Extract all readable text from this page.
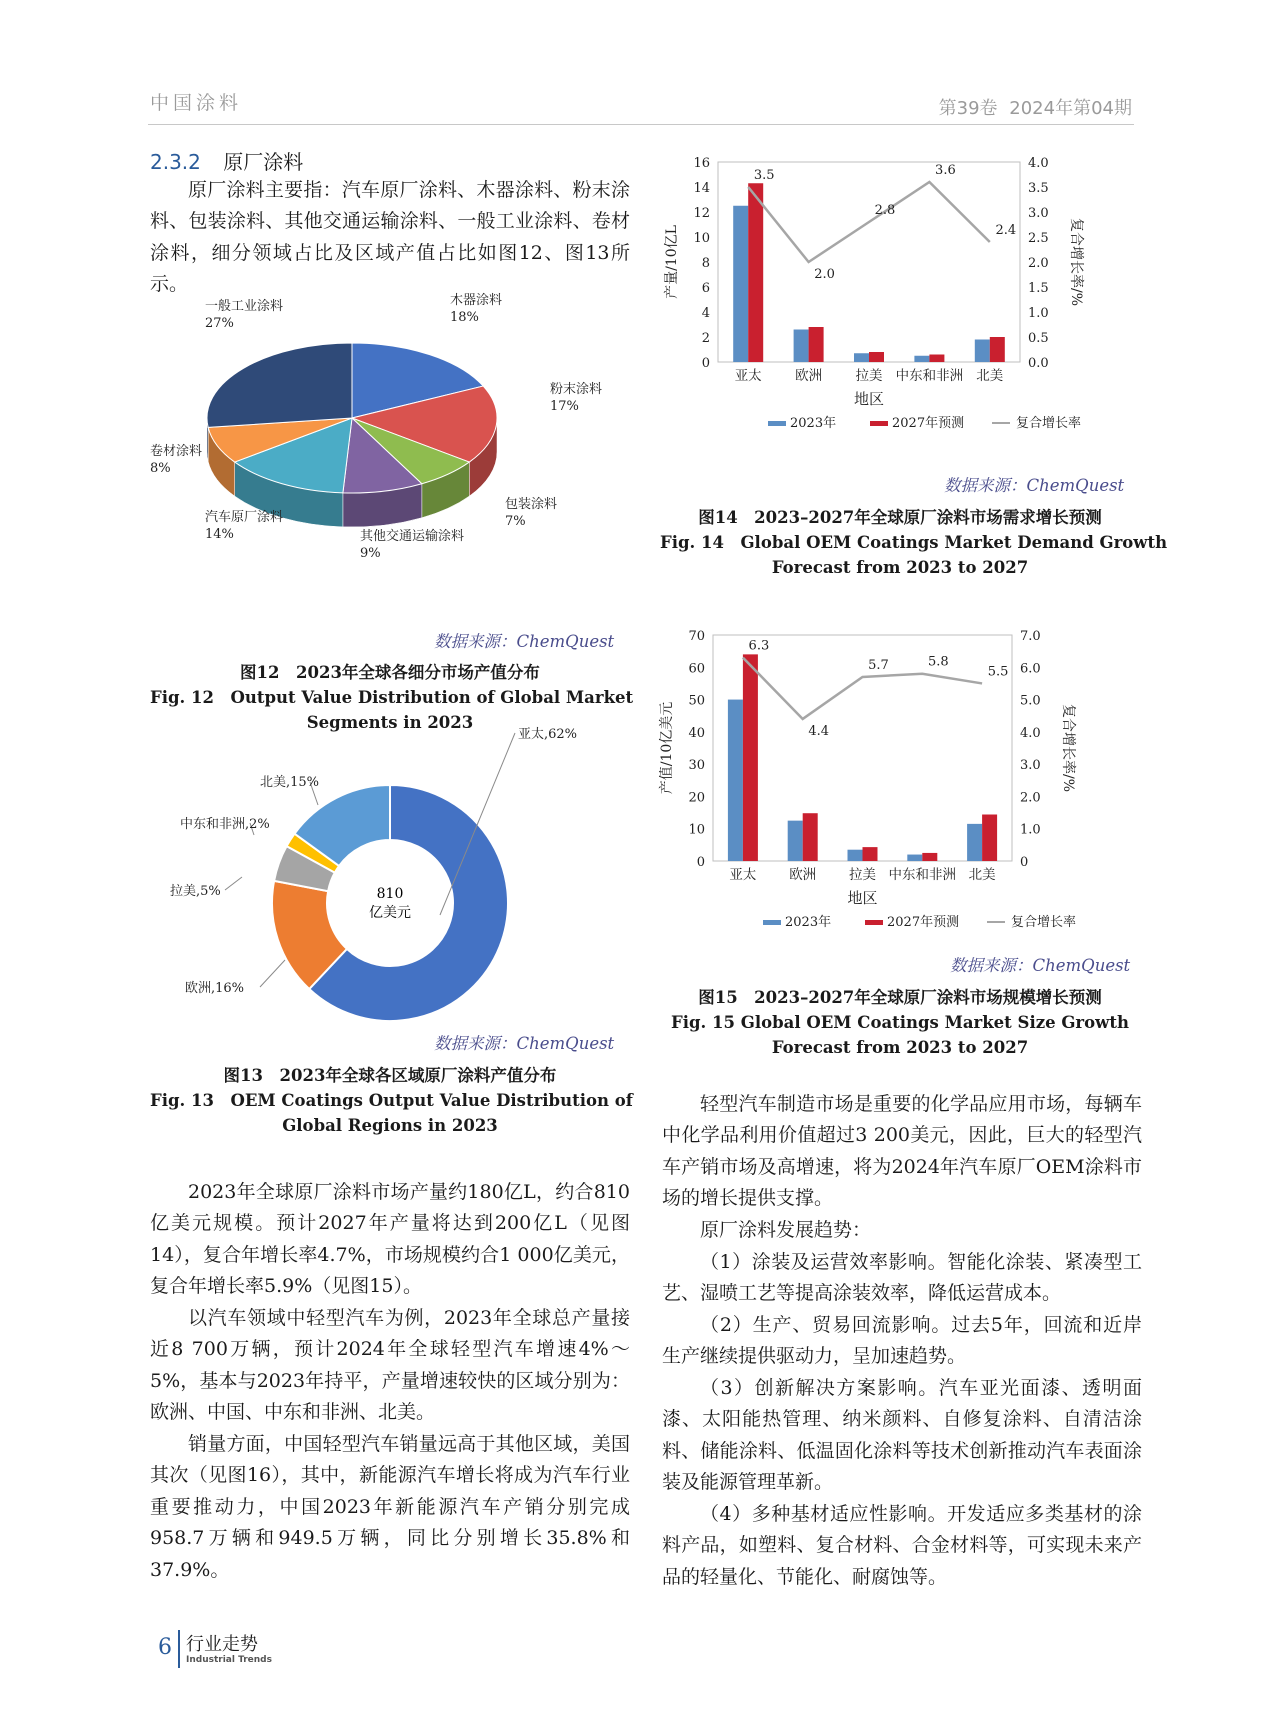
中国涂料	第39卷 2024年第04期
2.3.2 原厂涂料

原厂涂料主要指：汽车原厂涂料、木器涂料、粉末涂料、包装涂料、其他交通运输涂料、一般工业涂料、卷材涂料，细分领域占比及区域产值占比如图12、图13所示。

木器涂料
18%
粉末涂料
17%
包装涂料
7%
其他交通运输涂料
9%
汽车原厂涂料
14%
卷材涂料
8%
一般工业涂料
27%
数据来源：ChemQuest
图12　2023年全球各细分市场产值分布
Fig. 12　Output Value Distribution of Global Market
Segments in 2023
亚太,62%
欧洲,16%
拉美,5%
中东和非洲,2%
北美,15%
810
亿美元
数据来源：ChemQuest
图13　2023年全球各区域原厂涂料产值分布
Fig. 13　OEM Coatings Output Value Distribution of
Global Regions in 2023

2023年全球原厂涂料市场产量约180亿L，约合810亿美元规模。预计2027年产量将达到200亿L（见图14），复合年增长率4.7%，市场规模约合1 000亿美元，复合年增长率5.9%（见图15）。

以汽车领域中轻型汽车为例，2023年全球总产量接近8 700万辆，预计2024年全球轻型汽车增速4%～5%，基本与2023年持平，产量增速较快的区域分别为：欧洲、中国、中东和非洲、北美。

销量方面，中国轻型汽车销量远高于其他区域，美国其次（见图16），其中，新能源汽车增长将成为汽车行业重要推动力，中国2023年新能源汽车产销分别完成958.7万辆和949.5万辆，同比分别增长35.8%和37.9%。

0
2
4
6
8
10
12
14
16
0.0
0.5
1.0
1.5
2.0
2.5
3.0
3.5
4.0
亚太 欧洲 拉美 中东和非洲 北美
3.5
2.0
2.8
3.6
2.4
地区
产量/10亿L	复合增长率/%
2023年	2027年预测	复合增长率
数据来源：ChemQuest
图14　2023–2027年全球原厂涂料市场需求增长预测
Fig. 14　Global OEM Coatings Market Demand Growth
Forecast from 2023 to 2027
0
10
20
30
40
50
60
70
0
1.0
2.0
3.0
4.0
5.0
6.0
7.0
亚太 欧洲 拉美 中东和非洲 北美
6.3
4.4
5.7	5.8
5.5
地区
产值/10亿美元	复合增长率/%
2023年	2027年预测	复合增长率
数据来源：ChemQuest
图15　2023–2027年全球原厂涂料市场规模增长预测
Fig. 15 Global OEM Coatings Market Size Growth
Forecast from 2023 to 2027

轻型汽车制造市场是重要的化学品应用市场，每辆车中化学品利用价值超过3 200美元，因此，巨大的轻型汽车产销市场及高增速，将为2024年汽车原厂OEM涂料市场的增长提供支撑。

原厂涂料发展趋势：

（1）涂装及运营效率影响。智能化涂装、紧凑型工艺、湿喷工艺等提高涂装效率，降低运营成本。

（2）生产、贸易回流影响。过去5年，回流和近岸生产继续提供驱动力，呈加速趋势。

（3）创新解决方案影响。汽车亚光面漆、透明面漆、太阳能热管理、纳米颜料、自修复涂料、自清洁涂料、储能涂料、低温固化涂料等技术创新推动汽车表面涂装及能源管理革新。

（4）多种基材适应性影响。开发适应多类基材的涂料产品，如塑料、复合材料、合金材料等，可实现未来产品的轻量化、节能化、耐腐蚀等。

6 行业走势
Industrial Trends
